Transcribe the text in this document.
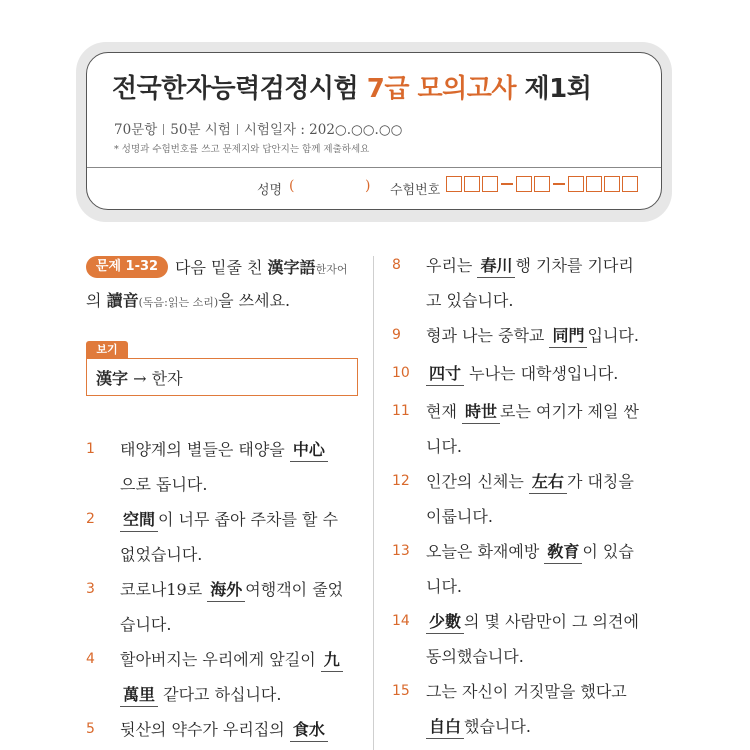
전국한자능력검정시험 7급 모의고사 제1회
70문항 50분 시험 시험일자 : 202○.○○.○○
* 성명과 수험번호를 쓰고 문제지와 답안지는 함께 제출하세요
성명 (	) 수험번호
문제 1-32	다음 밑줄 친 漢字語한자어
의 讀音(독음:읽는 소리)을 쓰세요.
보기
漢字 → 한자
1 태양계의 별들은 태양을 中心
으로 돕니다.
2 空間 이 너무 좁아 주차를 할 수
없었습니다.
3 코로나19로 海外 여행객이 줄었
습니다.
4 할아버지는 우리에게 앞길이 九
萬里 같다고 하십니다.
5 뒷산의 약수가 우리집의 食水
8 우리는 春川 행 기차를 기다리
고 있습니다.
9 형과 나는 중학교 同門 입니다.
10 四寸 누나는 대학생입니다.
11 현재 時世 로는 여기가 제일 싼
니다.
12 인간의 신체는 左右 가 대칭을
이룹니다.
13 오늘은 화재예방 敎育 이 있습
니다.
14 少數 의 몇 사람만이 그 의견에
동의했습니다.
15 그는 자신이 거짓말을 했다고
自白 했습니다.
